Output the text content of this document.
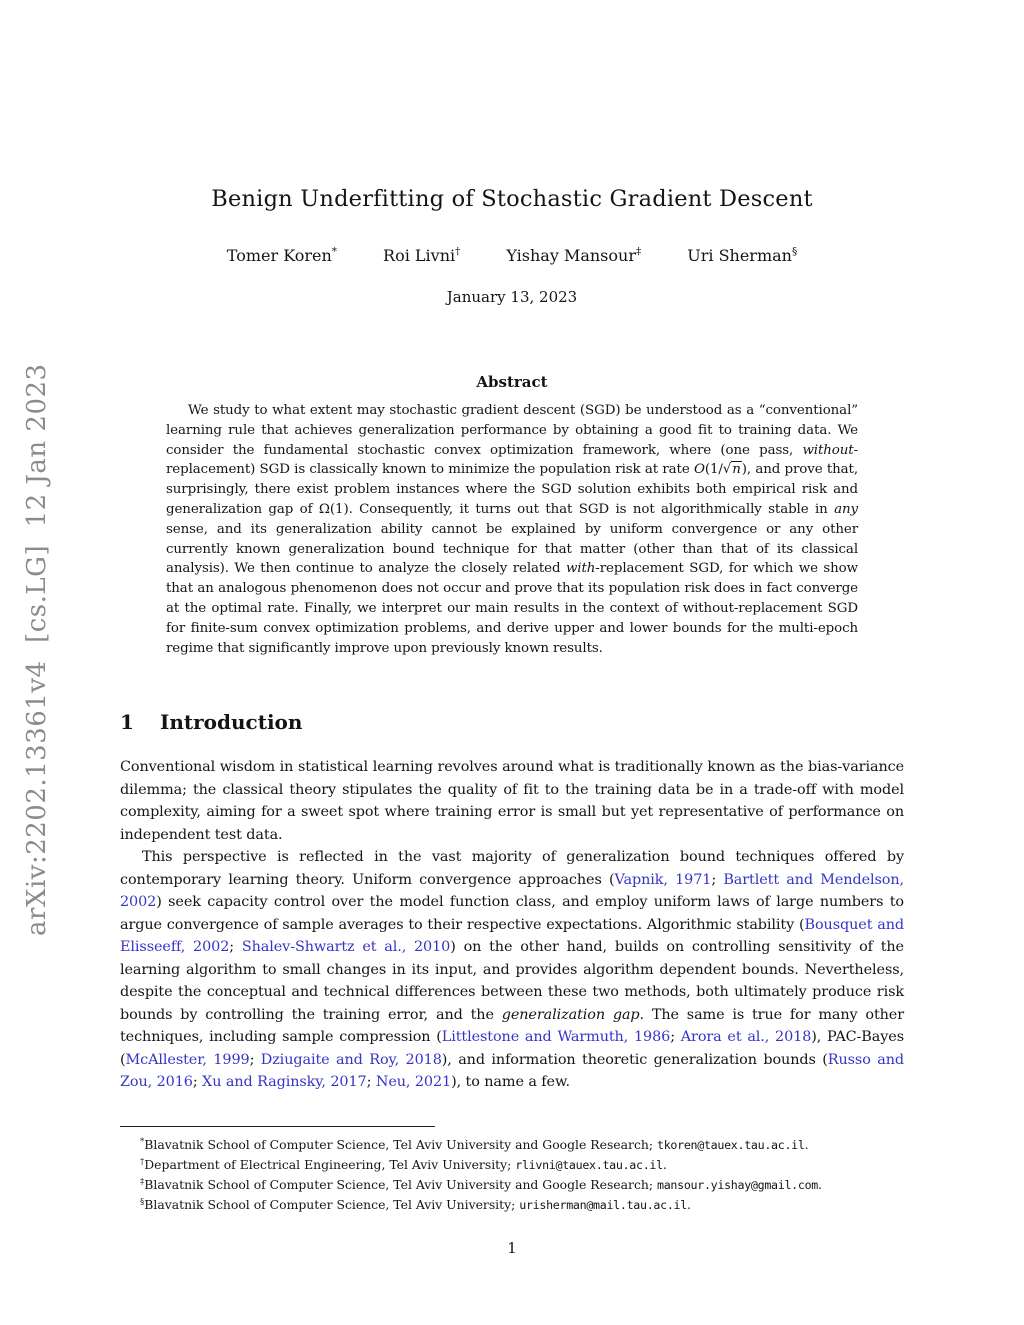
arXiv:2202.13361v4  [cs.LG]  12 Jan 2023
Benign Underfitting of Stochastic Gradient Descent
Tomer Koren*	Roi Livni†	Yishay Mansour‡	Uri Sherman§
January 13, 2023
Abstract

We study to what extent may stochastic gradient descent (SGD) be understood as a “conventional” learning rule that achieves generalization performance by obtaining a good fit to training data. We consider the fundamental stochastic convex optimization framework, where (one pass, without-replacement) SGD is classically known to minimize the population risk at rate O(1/√n), and prove that, surprisingly, there exist problem instances where the SGD solution exhibits both empirical risk and generalization gap of Ω(1). Consequently, it turns out that SGD is not algorithmically stable in any sense, and its generalization ability cannot be explained by uniform convergence or any other currently known generalization bound technique for that matter (other than that of its classical analysis). We then continue to analyze the closely related with-replacement SGD, for which we show that an analogous phenomenon does not occur and prove that its population risk does in fact converge at the optimal rate. Finally, we interpret our main results in the context of without-replacement SGD for finite-sum convex optimization problems, and derive upper and lower bounds for the multi-epoch regime that significantly improve upon previously known results.

1 Introduction

Conventional wisdom in statistical learning revolves around what is traditionally known as the bias-variance dilemma; the classical theory stipulates the quality of fit to the training data be in a trade-off with model complexity, aiming for a sweet spot where training error is small but yet representative of performance on independent test data.

This perspective is reflected in the vast majority of generalization bound techniques offered by contemporary learning theory. Uniform convergence approaches (Vapnik, 1971; Bartlett and Mendelson, 2002) seek capacity control over the model function class, and employ uniform laws of large numbers to argue convergence of sample averages to their respective expectations. Algorithmic stability (Bousquet and Elisseeff, 2002; Shalev-Shwartz et al., 2010) on the other hand, builds on controlling sensitivity of the learning algorithm to small changes in its input, and provides algorithm dependent bounds. Nevertheless, despite the conceptual and technical differences between these two methods, both ultimately produce risk bounds by controlling the training error, and the generalization gap. The same is true for many other techniques, including sample compression (Littlestone and Warmuth, 1986; Arora et al., 2018), PAC-Bayes (McAllester, 1999; Dziugaite and Roy, 2018), and information theoretic generalization bounds (Russo and Zou, 2016; Xu and Raginsky, 2017; Neu, 2021), to name a few.

*Blavatnik School of Computer Science, Tel Aviv University and Google Research; tkoren@tauex.tau.ac.il.
†Department of Electrical Engineering, Tel Aviv University; rlivni@tauex.tau.ac.il.
‡Blavatnik School of Computer Science, Tel Aviv University and Google Research; mansour.yishay@gmail.com.
§Blavatnik School of Computer Science, Tel Aviv University; urisherman@mail.tau.ac.il.
1
